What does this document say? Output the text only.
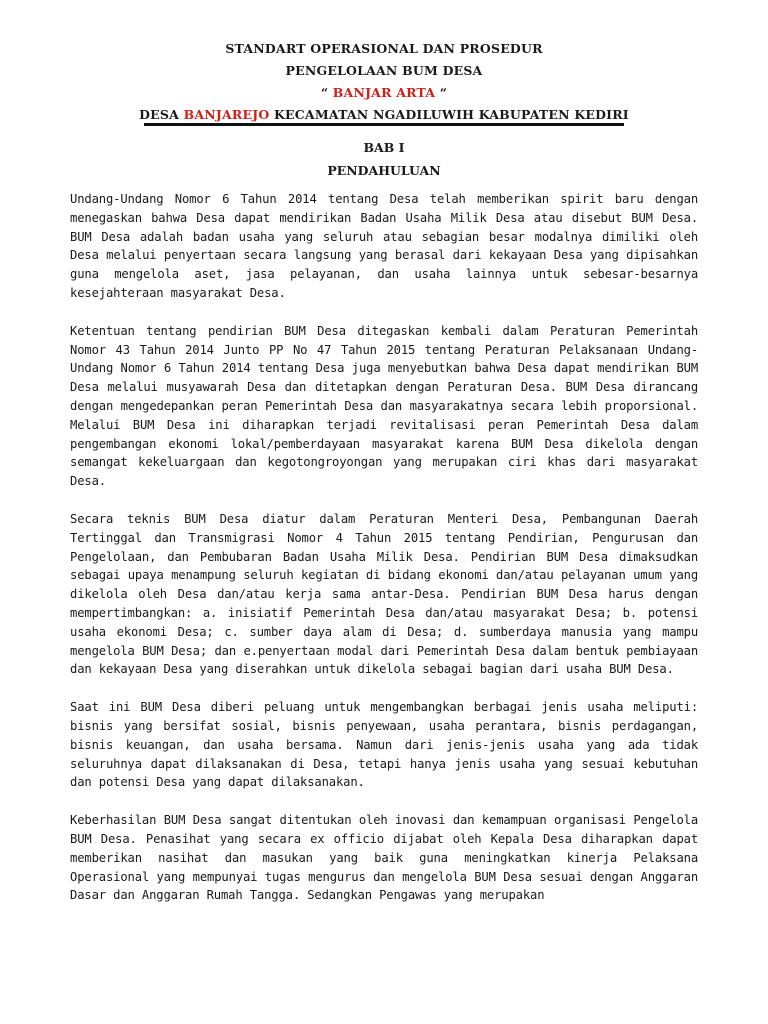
STANDART OPERASIONAL DAN PROSEDUR
PENGELOLAAN BUM DESA
“ BANJAR ARTA “
DESA BANJAREJO KECAMATAN NGADILUWIH KABUPATEN KEDIRI
BAB I
PENDAHULUAN

Undang-Undang Nomor 6 Tahun 2014 tentang Desa telah memberikan spirit baru dengan menegaskan bahwa Desa dapat mendirikan Badan Usaha Milik Desa atau disebut BUM Desa. BUM Desa adalah badan usaha yang seluruh atau sebagian besar modalnya dimiliki oleh Desa melalui penyertaan secara langsung yang berasal dari kekayaan Desa yang dipisahkan guna mengelola aset, jasa pelayanan, dan usaha lainnya untuk sebesar-besarnya kesejahteraan masyarakat Desa.

Ketentuan tentang pendirian BUM Desa ditegaskan kembali dalam Peraturan Pemerintah Nomor 43 Tahun 2014 Junto PP No 47 Tahun 2015 tentang Peraturan Pelaksanaan Undang-Undang Nomor 6 Tahun 2014 tentang Desa juga menyebutkan bahwa Desa dapat mendirikan BUM Desa melalui musyawarah Desa dan ditetapkan dengan Peraturan Desa. BUM Desa dirancang dengan mengedepankan peran Pemerintah Desa dan masyarakatnya secara lebih proporsional. Melalui BUM Desa ini diharapkan terjadi revitalisasi peran Pemerintah Desa dalam pengembangan ekonomi lokal/pemberdayaan masyarakat karena BUM Desa dikelola dengan semangat kekeluargaan dan kegotongroyongan yang merupakan ciri khas dari masyarakat Desa.

Secara teknis BUM Desa diatur dalam Peraturan Menteri Desa, Pembangunan Daerah Tertinggal dan Transmigrasi Nomor 4 Tahun 2015 tentang Pendirian, Pengurusan dan Pengelolaan, dan Pembubaran Badan Usaha Milik Desa. Pendirian BUM Desa dimaksudkan sebagai upaya menampung seluruh kegiatan di bidang ekonomi dan/atau pelayanan umum yang dikelola oleh Desa dan/atau kerja sama antar-Desa. Pendirian BUM Desa harus dengan mempertimbangkan: a. inisiatif Pemerintah Desa dan/atau masyarakat Desa; b. potensi usaha ekonomi Desa; c. sumber daya alam di Desa; d. sumberdaya manusia yang mampu mengelola BUM Desa; dan e.penyertaan modal dari Pemerintah Desa dalam bentuk pembiayaan dan kekayaan Desa yang diserahkan untuk dikelola sebagai bagian dari usaha BUM Desa.

Saat ini BUM Desa diberi peluang untuk mengembangkan berbagai jenis usaha meliputi: bisnis yang bersifat sosial, bisnis penyewaan, usaha perantara, bisnis perdagangan, bisnis keuangan, dan usaha bersama. Namun dari jenis-jenis usaha yang ada tidak seluruhnya dapat dilaksanakan di Desa, tetapi hanya jenis usaha yang sesuai kebutuhan dan potensi Desa yang dapat dilaksanakan.

Keberhasilan BUM Desa sangat ditentukan oleh inovasi dan kemampuan organisasi Pengelola BUM Desa. Penasihat yang secara ex officio dijabat oleh Kepala Desa diharapkan dapat memberikan nasihat dan masukan yang baik guna meningkatkan kinerja Pelaksana Operasional yang mempunyai tugas mengurus dan mengelola BUM Desa sesuai dengan Anggaran Dasar dan Anggaran Rumah Tangga. Sedangkan Pengawas yang merupakan
